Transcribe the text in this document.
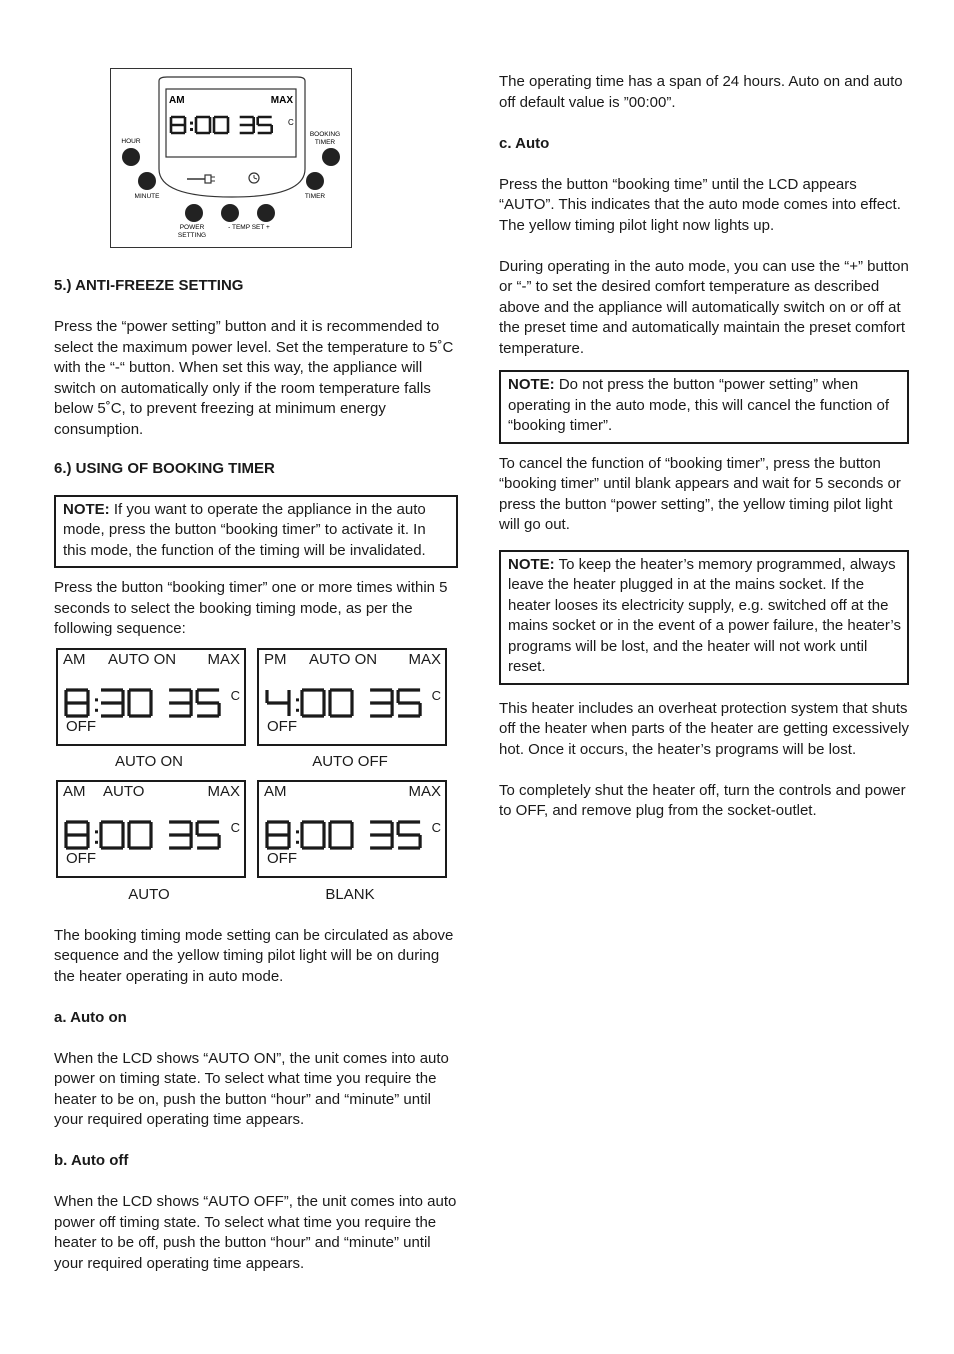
AM	MAX
C
HOUR
MINUTE
BOOKING
TIMER
TIMER
POWER
SETTING
- TEMP SET +

5.) ANTI-FREEZE SETTING

Press the “power setting” button and it is recommended to select the maximum power level. Set the temperature to 5˚C with the “-“ button. When set this way, the appliance will switch on automatically only if the room temperature falls below 5˚C, to prevent freezing at minimum energy consumption.

6.) USING OF BOOKING TIMER

NOTE: If you want to operate the appliance in the auto mode, press the button “booking timer” to activate it. In this mode, the function of the timing will be invalidated.

Press the button “booking timer” one or more times within 5 seconds to select the booking timing mode, as per the following sequence:

AM AUTO ON MAX
C
OFF
AUTO ON
PM AUTO ON MAX
C
OFF
AUTO OFF
AM AUTO	MAX
C
OFF
AUTO
AM	MAX
C
OFF
BLANK

The booking timing mode setting can be circulated as above sequence and the yellow timing pilot light will be on during the heater operating in auto mode.

a. Auto on

When the LCD shows “AUTO ON”, the unit comes into auto power on timing state. To select what time you require the heater to be on, push the button “hour” and “minute” until your required operating time appears.

b. Auto off

When the LCD shows “AUTO OFF”, the unit comes into auto power off timing state. To select what time you require the heater to be off, push the button “hour” and “minute” until your required operating time appears.

The operating time has a span of 24 hours. Auto on and auto off default value is ”00:00”.

c. Auto

Press the button “booking time” until the LCD appears “AUTO”. This indicates that the auto mode comes into effect. The yellow timing pilot light now lights up.

During operating in the auto mode, you can use the “+” button or “-” to set the desired comfort temperature as described above and the appliance will automatically switch on or off at the preset time and automatically maintain the preset comfort temperature.

NOTE: Do not press the button “power setting” when operating in the auto mode, this will cancel the function of “booking timer”.

To cancel the function of “booking timer”, press the button “booking timer” until blank appears and wait for 5 seconds or press the button “power setting”, the yellow timing pilot light will go out.

NOTE: To keep the heater’s memory programmed, always leave the heater plugged in at the mains socket. If the heater looses its electricity supply, e.g. switched off at the mains socket or in the event of a power failure, the heater’s programs will be lost, and the heater will not work until reset.

This heater includes an overheat protection system that shuts off the heater when parts of the heater are getting excessively hot. Once it occurs, the heater’s programs will be lost.

To completely shut the heater off, turn the controls and power to OFF, and remove plug from the socket-outlet.
